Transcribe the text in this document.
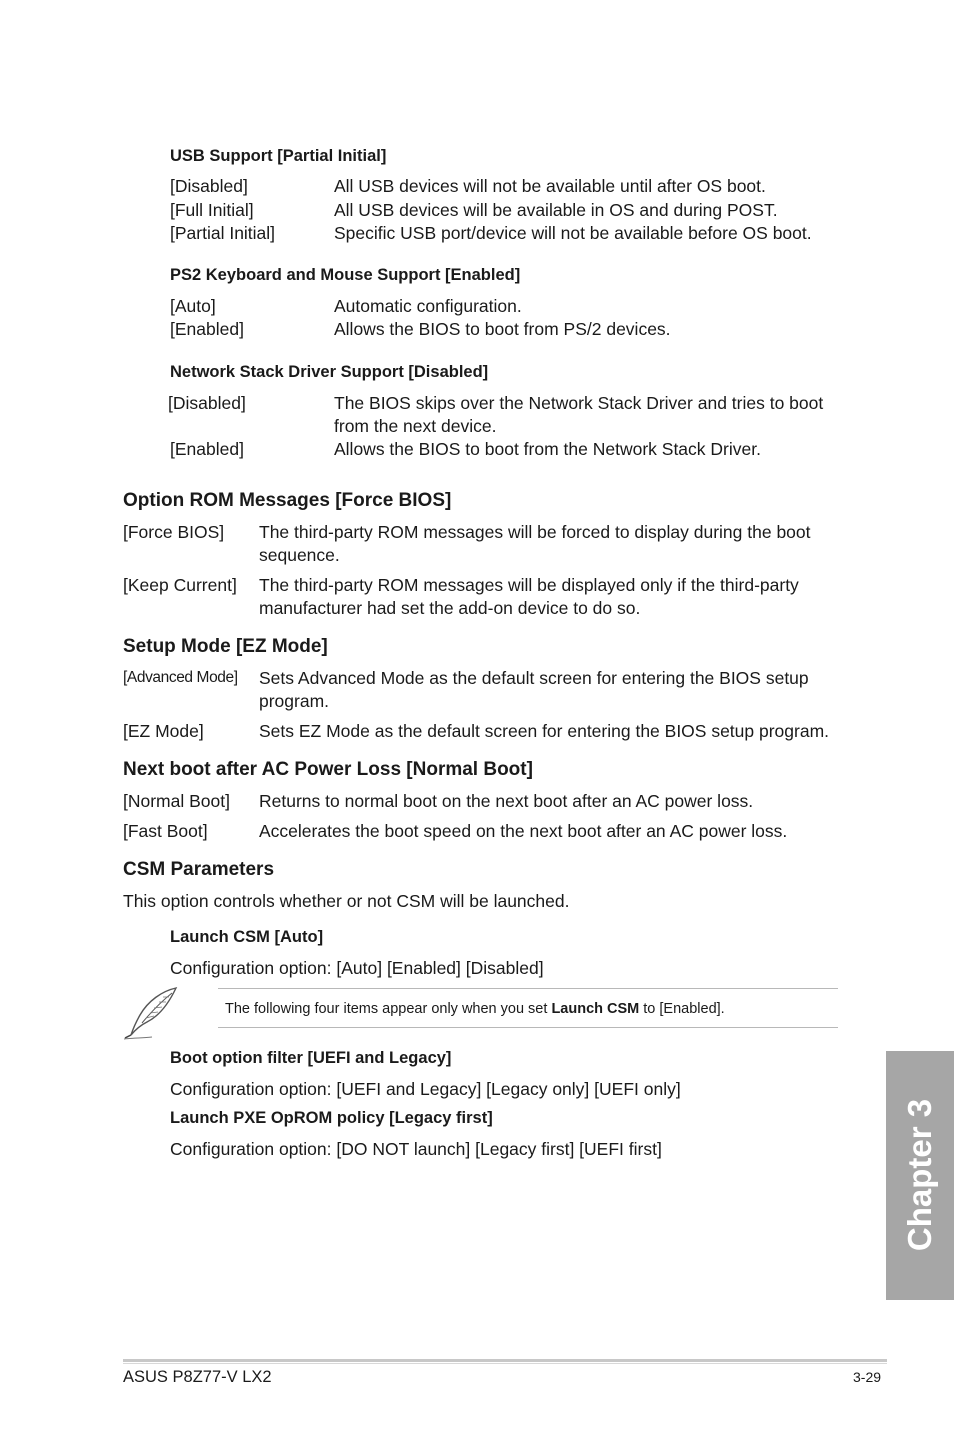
USB Support [Partial Initial]
[Disabled]	All USB devices will not be available until after OS boot.
[Full Initial]	All USB devices will be available in OS and during POST.
[Partial Initial]	Specific USB port/device will not be available before OS boot.
PS2 Keyboard and Mouse Support [Enabled]
[Auto]	Automatic configuration.
[Enabled]	Allows the BIOS to boot from PS/2 devices.
Network Stack Driver Support [Disabled]
[Disabled]	The BIOS skips over the Network Stack Driver and tries to boot
from the next device.
[Enabled]	Allows the BIOS to boot from the Network Stack Driver.
Option ROM Messages [Force BIOS]
[Force BIOS] The third-party ROM messages will be forced to display during the boot
sequence.
[Keep Current] The third-party ROM messages will be displayed only if the third-party
manufacturer had set the add-on device to do so.
Setup Mode [EZ Mode]
[Advanced Mode] Sets Advanced Mode as the default screen for entering the BIOS setup
program.
[EZ Mode]	Sets EZ Mode as the default screen for entering the BIOS setup program.
Next boot after AC Power Loss [Normal Boot]
[Normal Boot] Returns to normal boot on the next boot after an AC power loss.
[Fast Boot]	Accelerates the boot speed on the next boot after an AC power loss.
CSM Parameters
This option controls whether or not CSM will be launched.
Launch CSM [Auto]
Configuration option: [Auto] [Enabled] [Disabled]
The following four items appear only when you set Launch CSM to [Enabled].
Boot option filter [UEFI and Legacy]
Configuration option: [UEFI and Legacy] [Legacy only] [UEFI only]
Launch PXE OpROM policy [Legacy first]
Configuration option: [DO NOT launch] [Legacy first] [UEFI first]	Chapter 3
ASUS P8Z77-V LX2	3-29
